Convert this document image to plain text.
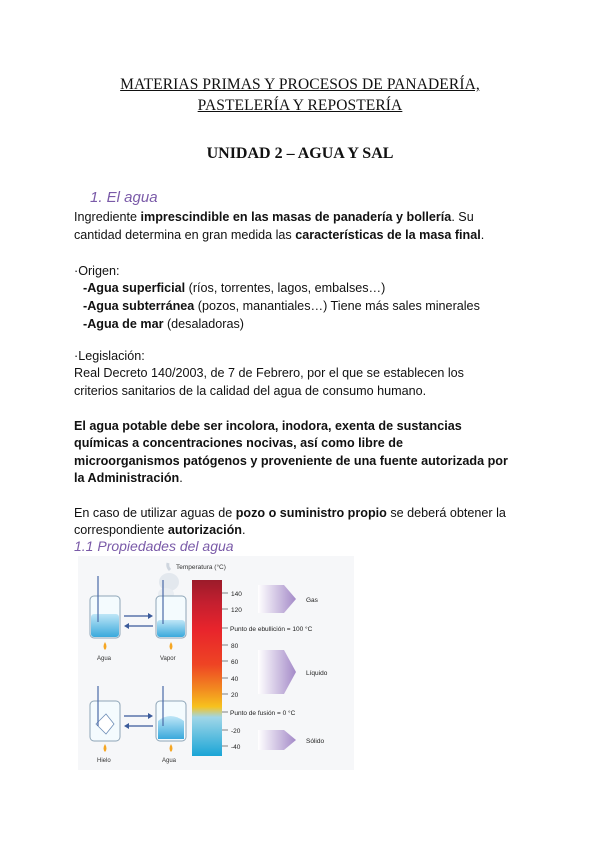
MATERIAS PRIMAS Y PROCESOS DE PANADERÍA,
PASTELERÍA Y REPOSTERÍA
UNIDAD 2 – AGUA Y SAL
1. El agua
Ingrediente imprescindible en las masas de panadería y bollería. Su
cantidad determina en gran medida las características de la masa final.
·Origen:
-Agua superficial (ríos, torrentes, lagos, embalses…)
-Agua subterránea (pozos, manantiales…) Tiene más sales minerales
-Agua de mar (desaladoras)
·Legislación:
Real Decreto 140/2003, de 7 de Febrero, por el que se establecen los
criterios sanitarios de la calidad del agua de consumo humano.
El agua potable debe ser incolora, inodora, exenta de sustancias
químicas a concentraciones nocivas, así como libre de
microorganismos patógenos y proveniente de una fuente autorizada por
la Administración.
En caso de utilizar aguas de pozo o suministro propio se deberá obtener la
correspondiente autorización.
1.1 Propiedades del agua
Temperatura (°C)
140
120
Punto de ebullición = 100 °C
80
60
40
20
Punto de fusión = 0 °C
-20
-40
Gas
Líquido
Sólido
Agua	Vapor
Hielo	Agua
